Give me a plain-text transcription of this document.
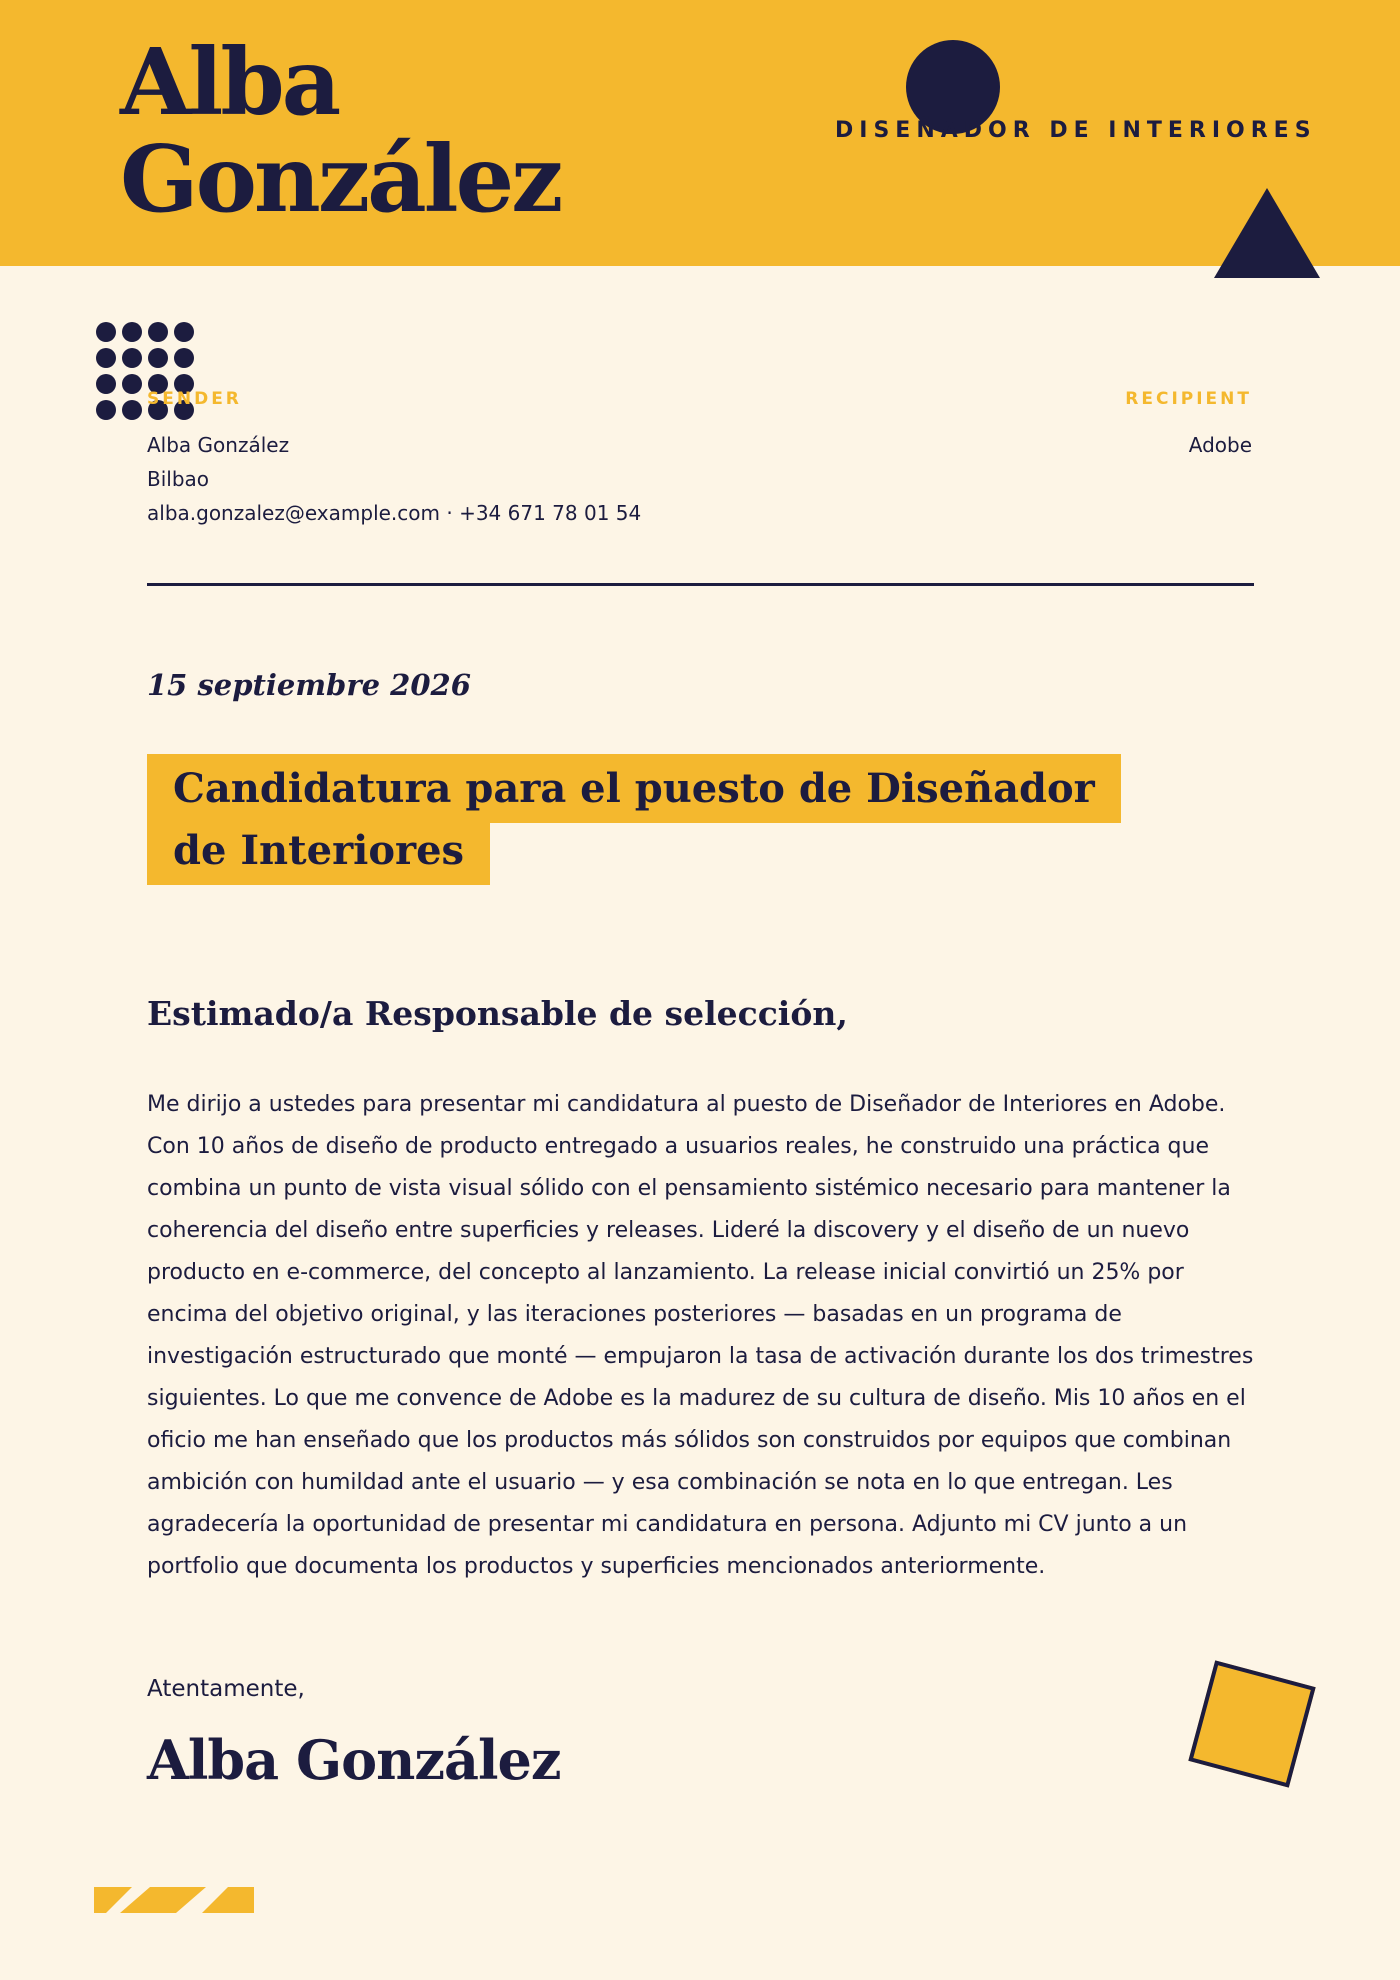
Alba
González	DISEÑADOR DE INTERIORES

SENDER

Alba González
Bilbao
alba.gonzalez@example.com · +34 671 78 01 54

RECIPIENT

Adobe

15 septiembre 2026

Candidatura para el puesto de Diseñador de Interiores
Estimado/a Responsable de selección,

Me dirijo a ustedes para presentar mi candidatura al puesto de Diseñador de Interiores en Adobe. Con 10 años de diseño de producto entregado a usuarios reales, he construido una práctica que combina un punto de vista visual sólido con el pensamiento sistémico necesario para mantener la coherencia del diseño entre superficies y releases. Lideré la discovery y el diseño de un nuevo producto en e-commerce, del concepto al lanzamiento. La release inicial convirtió un 25% por encima del objetivo original, y las iteraciones posteriores — basadas en un programa de investigación estructurado que monté — empujaron la tasa de activación durante los dos trimestres siguientes. Lo que me convence de Adobe es la madurez de su cultura de diseño. Mis 10 años en el oficio me han enseñado que los productos más sólidos son construidos por equipos que combinan ambición con humildad ante el usuario — y esa combinación se nota en lo que entregan. Les agradecería la oportunidad de presentar mi candidatura en persona. Adjunto mi CV junto a un portfolio que documenta los productos y superficies mencionados anteriormente.

Atentamente,

Alba González
